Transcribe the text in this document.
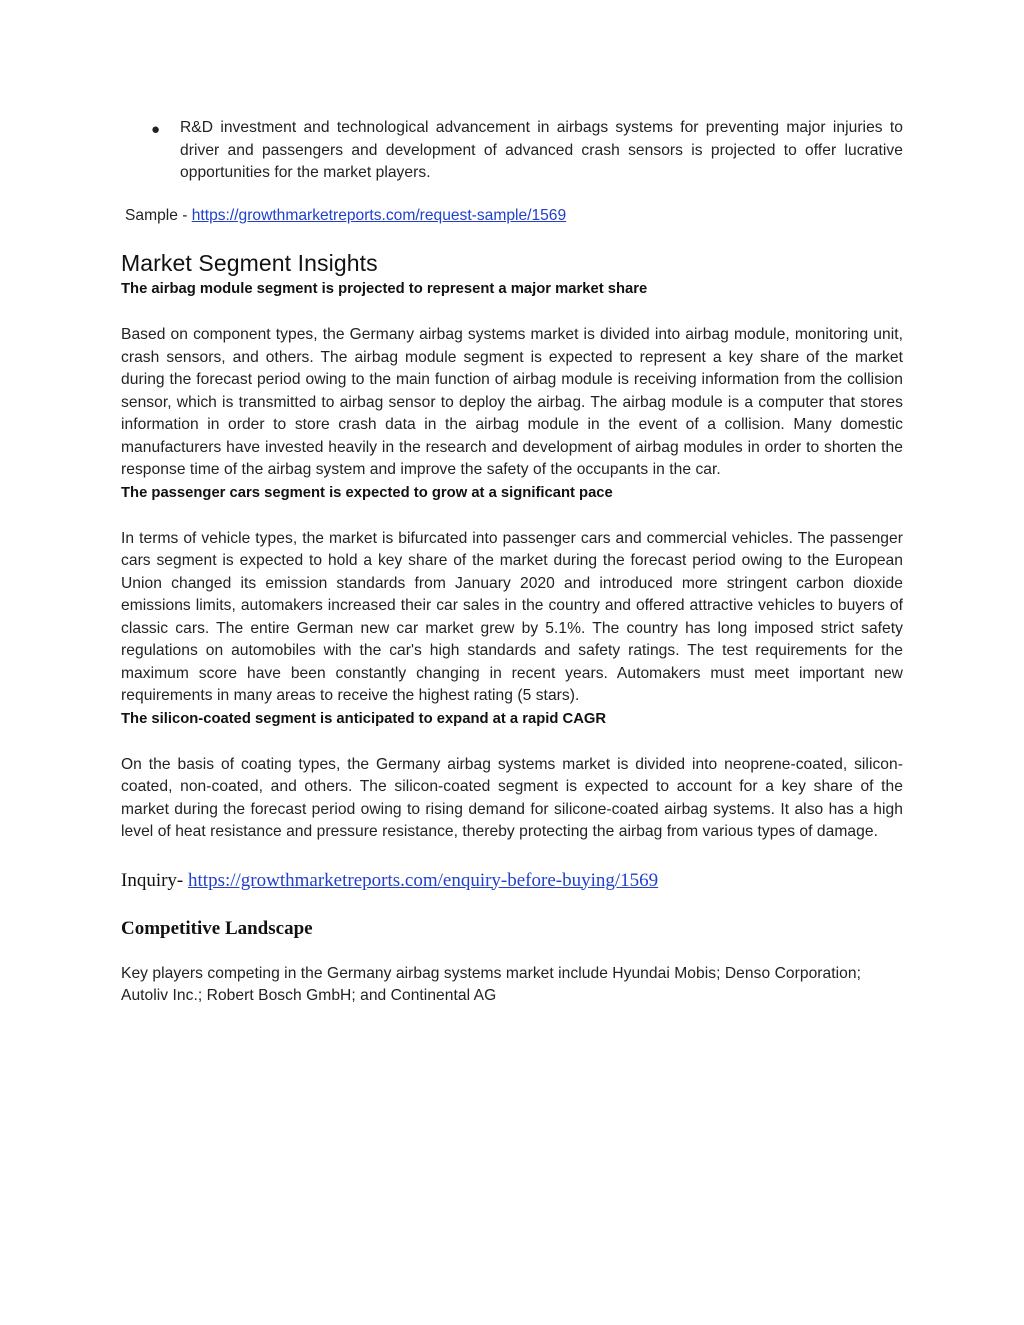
● R&D investment and technological advancement in airbags systems for preventing major injuries to driver and passengers and development of advanced crash sensors is projected to offer lucrative opportunities for the market players.

Sample - https://growthmarketreports.com/request-sample/1569
Market Segment Insights
The airbag module segment is projected to represent a major market share

Based on component types, the Germany airbag systems market is divided into airbag module, monitoring unit, crash sensors, and others. The airbag module segment is expected to represent a key share of the market during the forecast period owing to the main function of airbag module is receiving information from the collision sensor, which is transmitted to airbag sensor to deploy the airbag. The airbag module is a computer that stores information in order to store crash data in the airbag module in the event of a collision. Many domestic manufacturers have invested heavily in the research and development of airbag modules in order to shorten the response time of the airbag system and improve the safety of the occupants in the car.

The passenger cars segment is expected to grow at a significant pace

In terms of vehicle types, the market is bifurcated into passenger cars and commercial vehicles. The passenger cars segment is expected to hold a key share of the market during the forecast period owing to the European Union changed its emission standards from January 2020 and introduced more stringent carbon dioxide emissions limits, automakers increased their car sales in the country and offered attractive vehicles to buyers of classic cars. The entire German new car market grew by 5.1%. The country has long imposed strict safety regulations on automobiles with the car's high standards and safety ratings. The test requirements for the maximum score have been constantly changing in recent years. Automakers must meet important new requirements in many areas to receive the highest rating (5 stars).

The silicon-coated segment is anticipated to expand at a rapid CAGR

On the basis of coating types, the Germany airbag systems market is divided into neoprene-coated, silicon-coated, non-coated, and others. The silicon-coated segment is expected to account for a key share of the market during the forecast period owing to rising demand for silicone-coated airbag systems. It also has a high level of heat resistance and pressure resistance, thereby protecting the airbag from various types of damage.

Inquiry- https://growthmarketreports.com/enquiry-before-buying/1569
Competitive Landscape

Key players competing in the Germany airbag systems market include Hyundai Mobis; Denso Corporation; Autoliv Inc.; Robert Bosch GmbH; and Continental AG
